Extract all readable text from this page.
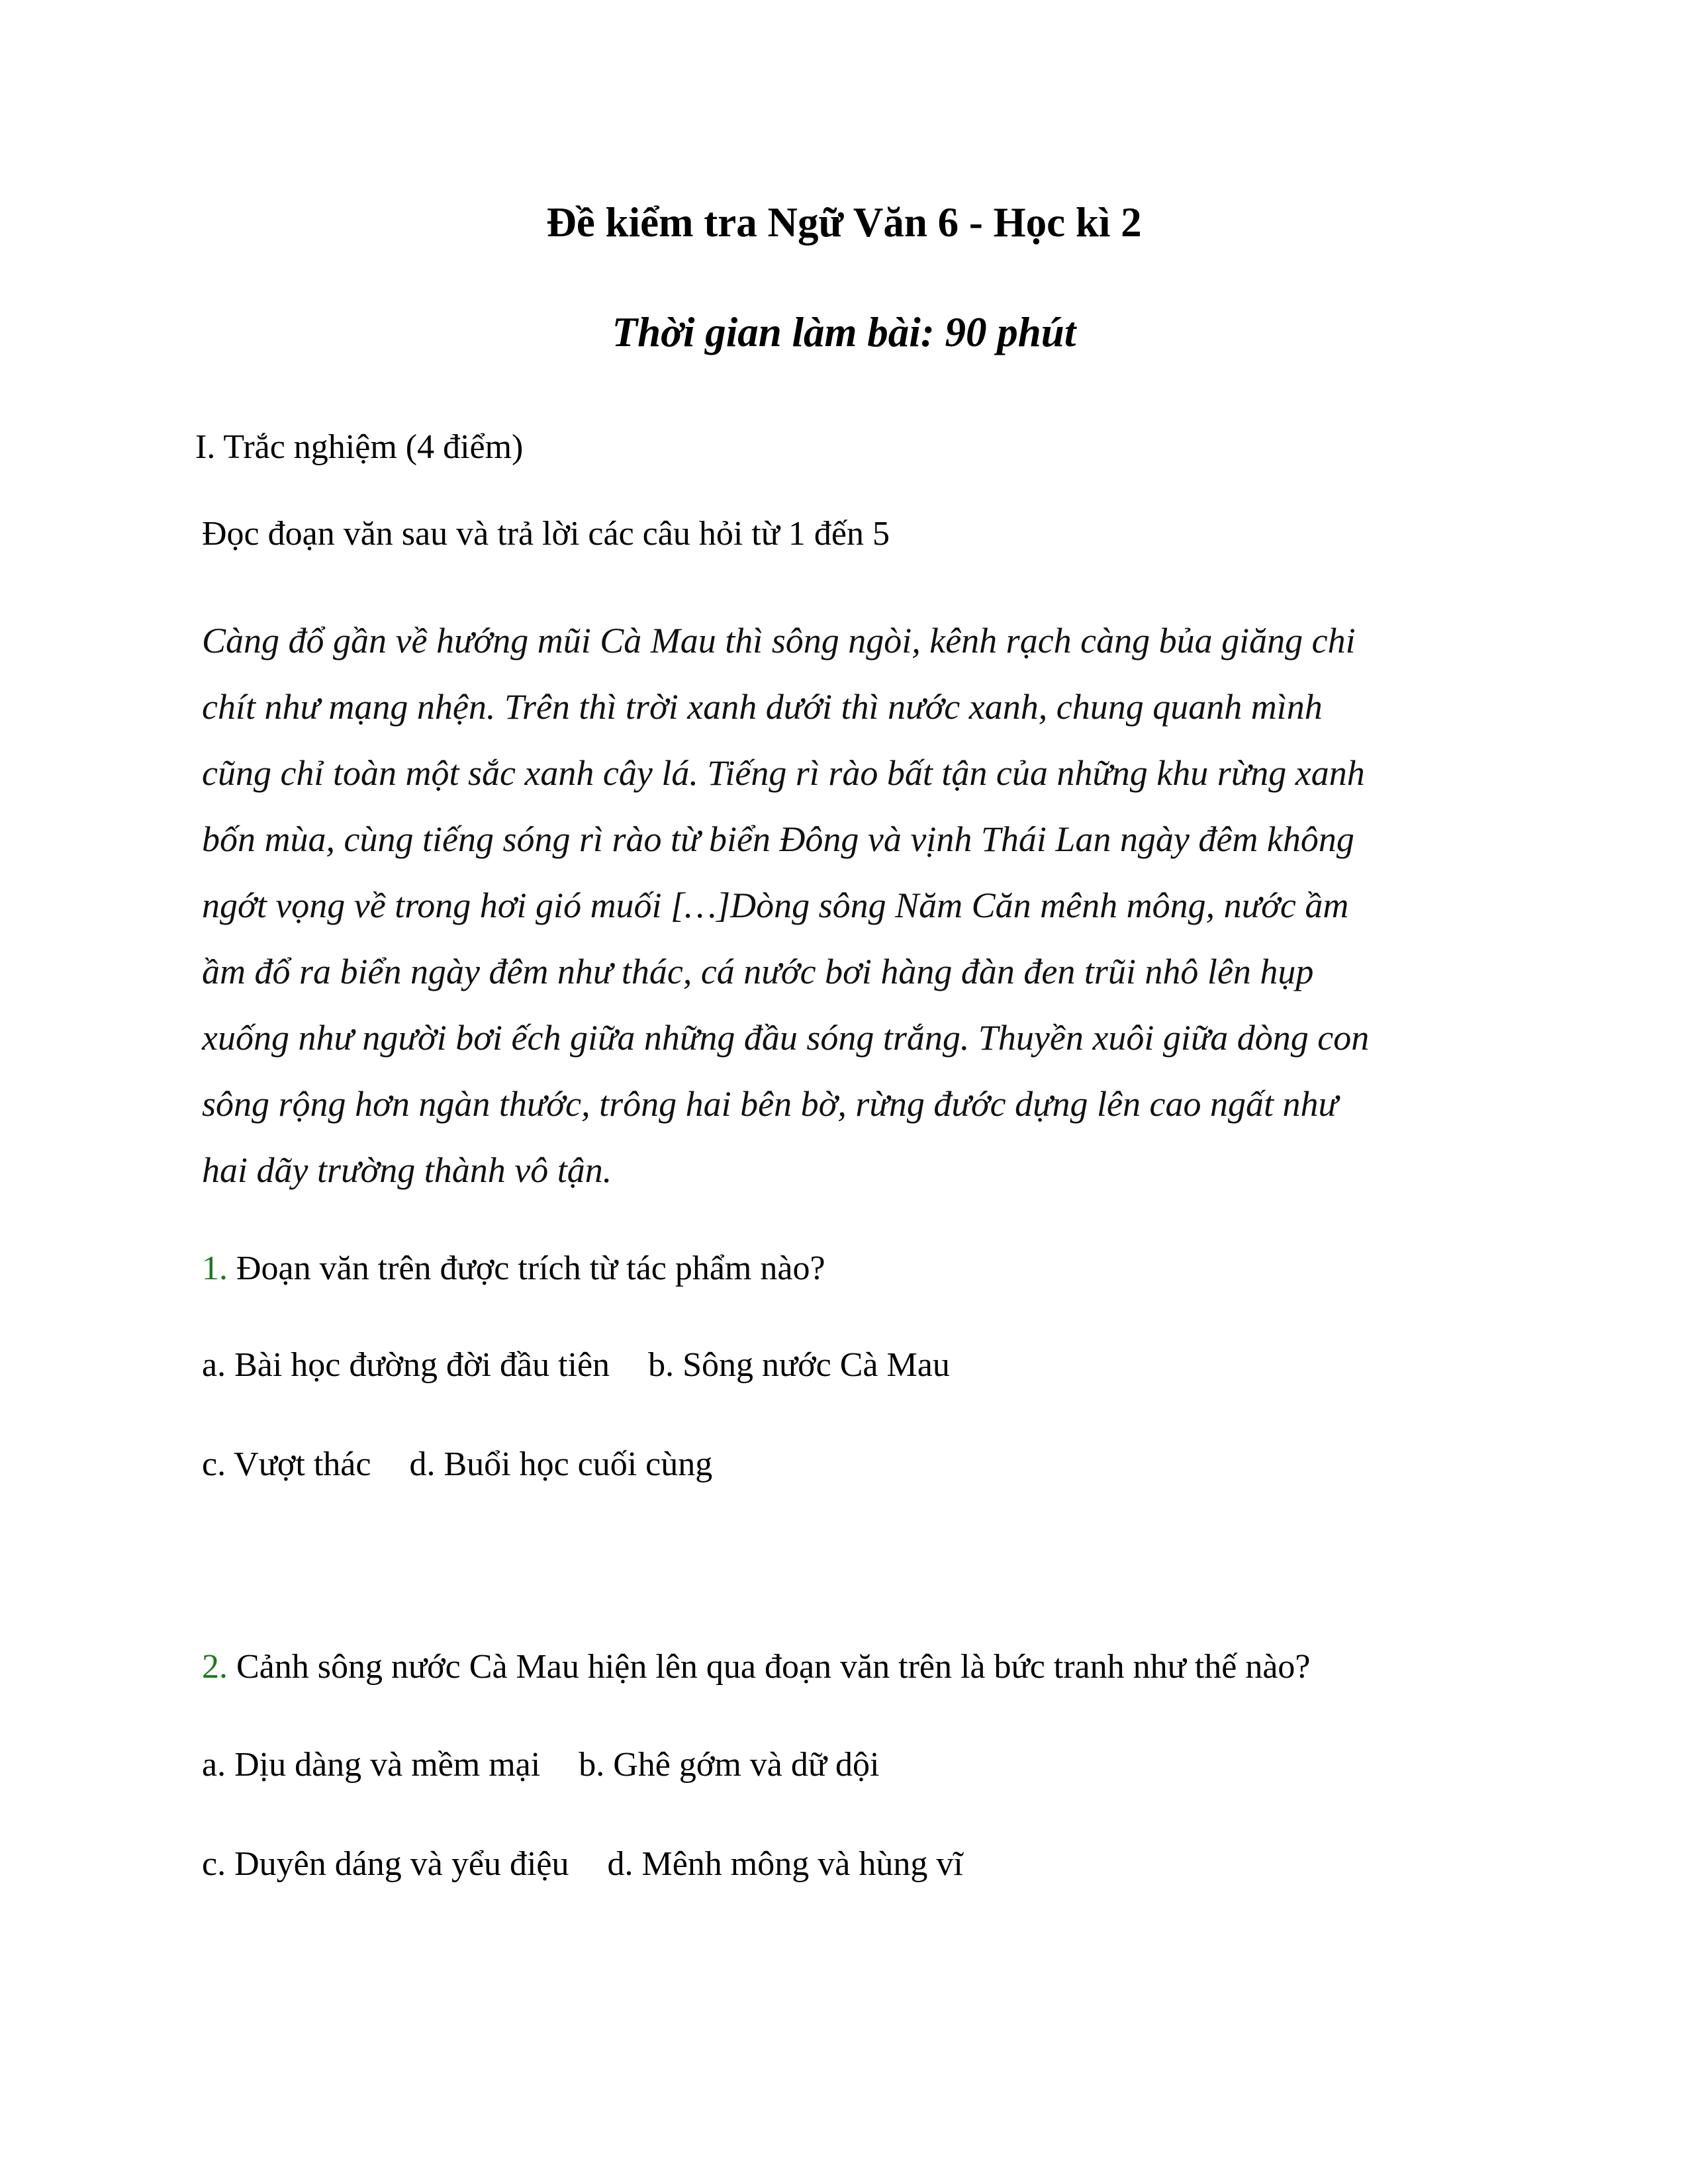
Đề kiểm tra Ngữ Văn 6 - Học kì 2
Thời gian làm bài: 90 phút
I. Trắc nghiệm (4 điểm)
Đọc đoạn văn sau và trả lời các câu hỏi từ 1 đến 5
Càng đổ gần về hướng mũi Cà Mau thì sông ngòi, kênh rạch càng bủa giăng chi
chít như mạng nhện. Trên thì trời xanh dưới thì nước xanh, chung quanh mình
cũng chỉ toàn một sắc xanh cây lá. Tiếng rì rào bất tận của những khu rừng xanh
bốn mùa, cùng tiếng sóng rì rào từ biển Đông và vịnh Thái Lan ngày đêm không
ngớt vọng về trong hơi gió muối […]Dòng sông Năm Căn mênh mông, nước ầm
ầm đổ ra biển ngày đêm như thác, cá nước bơi hàng đàn đen trũi nhô lên hụp
xuống như người bơi ếch giữa những đầu sóng trắng. Thuyền xuôi giữa dòng con
sông rộng hơn ngàn thước, trông hai bên bờ, rừng đước dựng lên cao ngất như
hai dãy trường thành vô tận.
1. Đoạn văn trên được trích từ tác phẩm nào?
a. Bài học đường đời đầu tiên b. Sông nước Cà Mau
c. Vượt thác d. Buổi học cuối cùng
2. Cảnh sông nước Cà Mau hiện lên qua đoạn văn trên là bức tranh như thế nào?
a. Dịu dàng và mềm mại b. Ghê gớm và dữ dội
c. Duyên dáng và yểu điệu d. Mênh mông và hùng vĩ
